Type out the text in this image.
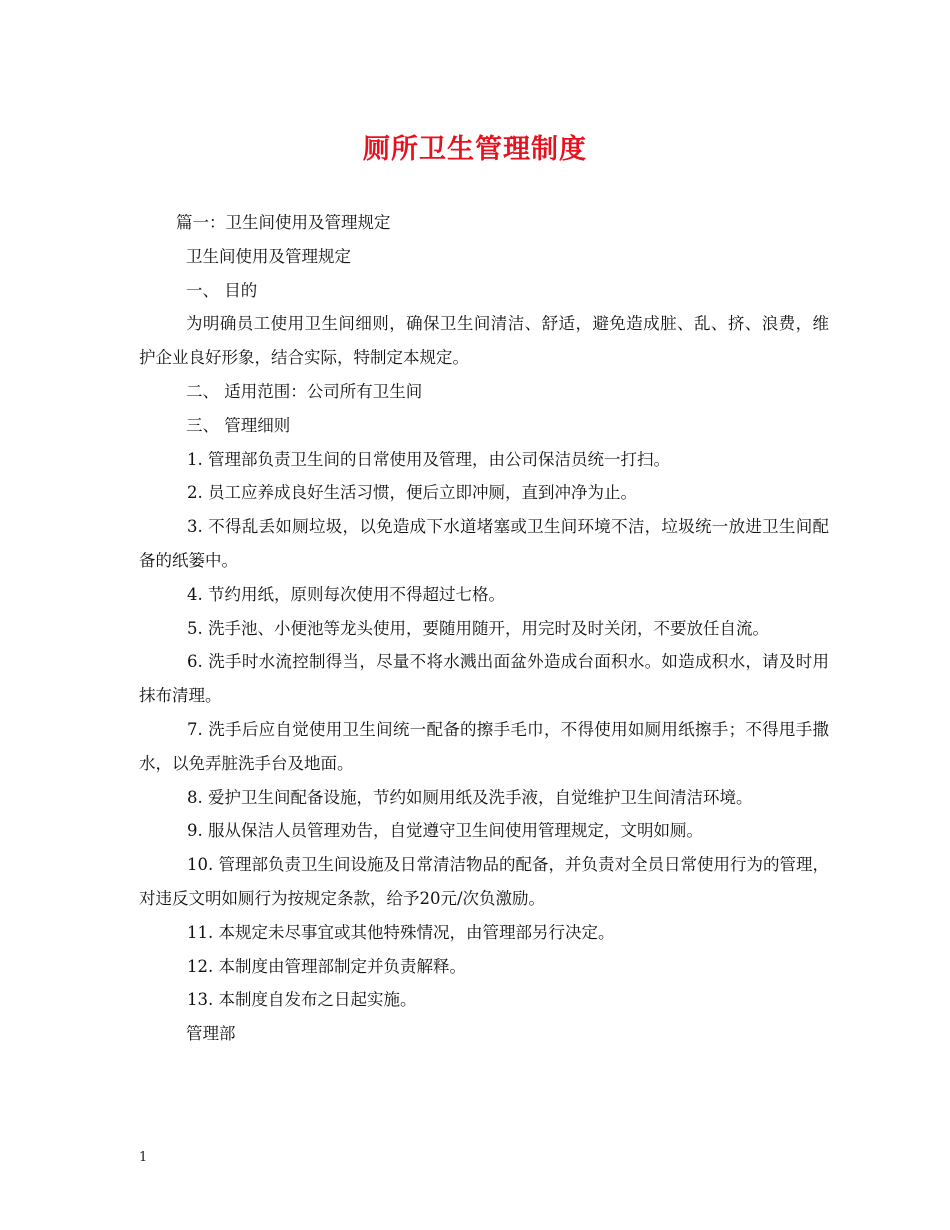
厕所卫生管理制度

篇一：卫生间使用及管理规定

卫生间使用及管理规定

一、 目的

为明确员工使用卫生间细则，确保卫生间清洁、舒适，避免造成脏、乱、挤、浪费，维护企业良好形象，结合实际，特制定本规定。

二、 适用范围：公司所有卫生间

三、 管理细则

1. 管理部负责卫生间的日常使用及管理，由公司保洁员统一打扫。

2. 员工应养成良好生活习惯，便后立即冲厕，直到冲净为止。

3. 不得乱丢如厕垃圾，以免造成下水道堵塞或卫生间环境不洁，垃圾统一放进卫生间配备的纸篓中。

4. 节约用纸，原则每次使用不得超过七格。

5. 洗手池、小便池等龙头使用，要随用随开，用完时及时关闭，不要放任自流。

6. 洗手时水流控制得当，尽量不将水溅出面盆外造成台面积水。如造成积水，请及时用抹布清理。

7. 洗手后应自觉使用卫生间统一配备的擦手毛巾，不得使用如厕用纸擦手；不得甩手撒水，以免弄脏洗手台及地面。

8. 爱护卫生间配备设施，节约如厕用纸及洗手液，自觉维护卫生间清洁环境。

9. 服从保洁人员管理劝告，自觉遵守卫生间使用管理规定，文明如厕。

10. 管理部负责卫生间设施及日常清洁物品的配备，并负责对全员日常使用行为的管理，对违反文明如厕行为按规定条款，给予20元/次负激励。

11. 本规定未尽事宜或其他特殊情况，由管理部另行决定。

12. 本制度由管理部制定并负责解释。

13. 本制度自发布之日起实施。

管理部

1
